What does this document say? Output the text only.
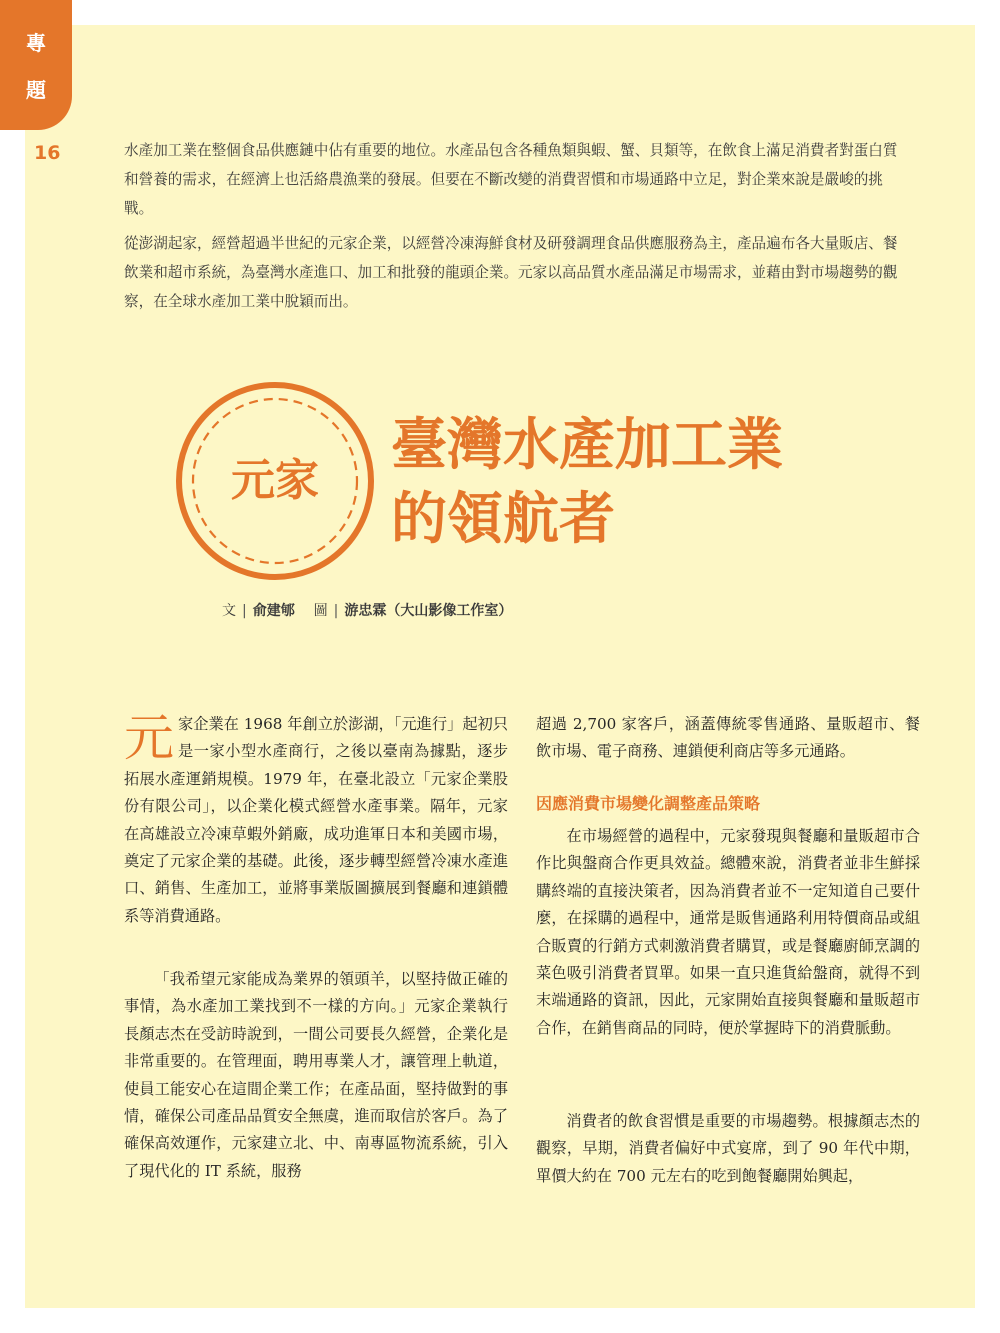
專
題
16	水產加工業在整個食品供應鏈中佔有重要的地位。水產品包含各種魚類與蝦、蟹、貝類等，在飲食上滿足消費者對蛋白質和營養的需求，在經濟上也活絡農漁業的發展。但要在不斷改變的消費習慣和市場通路中立足，對企業來說是嚴峻的挑戰。

從澎湖起家，經營超過半世紀的元家企業，以經營冷凍海鮮食材及研發調理食品供應服務為主，產品遍布各大量販店、餐飲業和超市系統，為臺灣水產進口、加工和批發的龍頭企業。元家以高品質水產品滿足市場需求，並藉由對市場趨勢的觀察，在全球水產加工業中脫穎而出。

元家
臺灣水產加工業
的領航者
文 | 俞建郇 圖 | 游忠霖（大山影像工作室）

元家企業在 1968 年創立於澎湖，「元進行」起初只是一家小型水產商行，之後以臺南為據點，逐步拓展水產運銷規模。1979 年，在臺北設立「元家企業股份有限公司」，以企業化模式經營水產事業。隔年，元家在高雄設立冷凍草蝦外銷廠，成功進軍日本和美國市場，奠定了元家企業的基礎。此後，逐步轉型經營冷凍水產進口、銷售、生產加工，並將事業版圖擴展到餐廳和連鎖體系等消費通路。

「我希望元家能成為業界的領頭羊，以堅持做正確的事情，為水產加工業找到不一樣的方向。」元家企業執行長顏志杰在受訪時說到，一間公司要長久經營，企業化是非常重要的。在管理面，聘用專業人才，讓管理上軌道，使員工能安心在這間企業工作；在產品面，堅持做對的事情，確保公司產品品質安全無虞，進而取信於客戶。為了確保高效運作，元家建立北、中、南專區物流系統，引入了現代化的 IT 系統，服務

超過 2,700 家客戶，涵蓋傳統零售通路、量販超市、餐飲市場、電子商務、連鎖便利商店等多元通路。

因應消費市場變化調整產品策略

在市場經營的過程中，元家發現與餐廳和量販超市合作比與盤商合作更具效益。總體來說，消費者並非生鮮採購終端的直接決策者，因為消費者並不一定知道自己要什麼，在採購的過程中，通常是販售通路利用特價商品或組合販賣的行銷方式刺激消費者購買，或是餐廳廚師烹調的菜色吸引消費者買單。如果一直只進貨給盤商，就得不到末端通路的資訊，因此，元家開始直接與餐廳和量販超市合作，在銷售商品的同時，便於掌握時下的消費脈動。

消費者的飲食習慣是重要的市場趨勢。根據顏志杰的觀察，早期，消費者偏好中式宴席，到了 90 年代中期，單價大約在 700 元左右的吃到飽餐廳開始興起，
